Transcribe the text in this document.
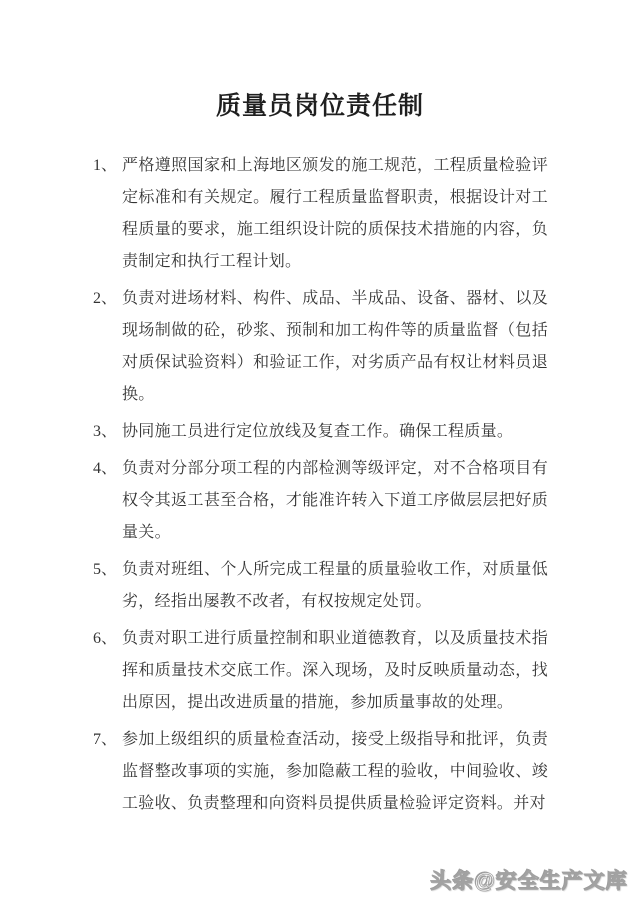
质量员岗位责任制
1、 严格遵照国家和上海地区颁发的施工规范，工程质量检验评定标准和有关规定。履行工程质量监督职责，根据设计对工程质量的要求，施工组织设计院的质保技术措施的内容，负责制定和执行工程计划。
2、 负责对进场材料、构件、成品、半成品、设备、器材、以及现场制做的砼，砂浆、预制和加工构件等的质量监督（包括对质保试验资料）和验证工作，对劣质产品有权让材料员退换。
3、 协同施工员进行定位放线及复查工作。确保工程质量。
4、 负责对分部分项工程的内部检测等级评定，对不合格项目有权令其返工甚至合格，才能准许转入下道工序做层层把好质量关。
5、 负责对班组、个人所完成工程量的质量验收工作，对质量低劣，经指出屡教不改者，有权按规定处罚。
6、 负责对职工进行质量控制和职业道德教育，以及质量技术指挥和质量技术交底工作。深入现场，及时反映质量动态，找出原因，提出改进质量的措施，参加质量事故的处理。
7、 参加上级组织的质量检查活动，接受上级指导和批评，负责监督整改事项的实施，参加隐蔽工程的验收，中间验收、竣工验收、负责整理和向资料员提供质量检验评定资料。并对
头条@安全生产文库
